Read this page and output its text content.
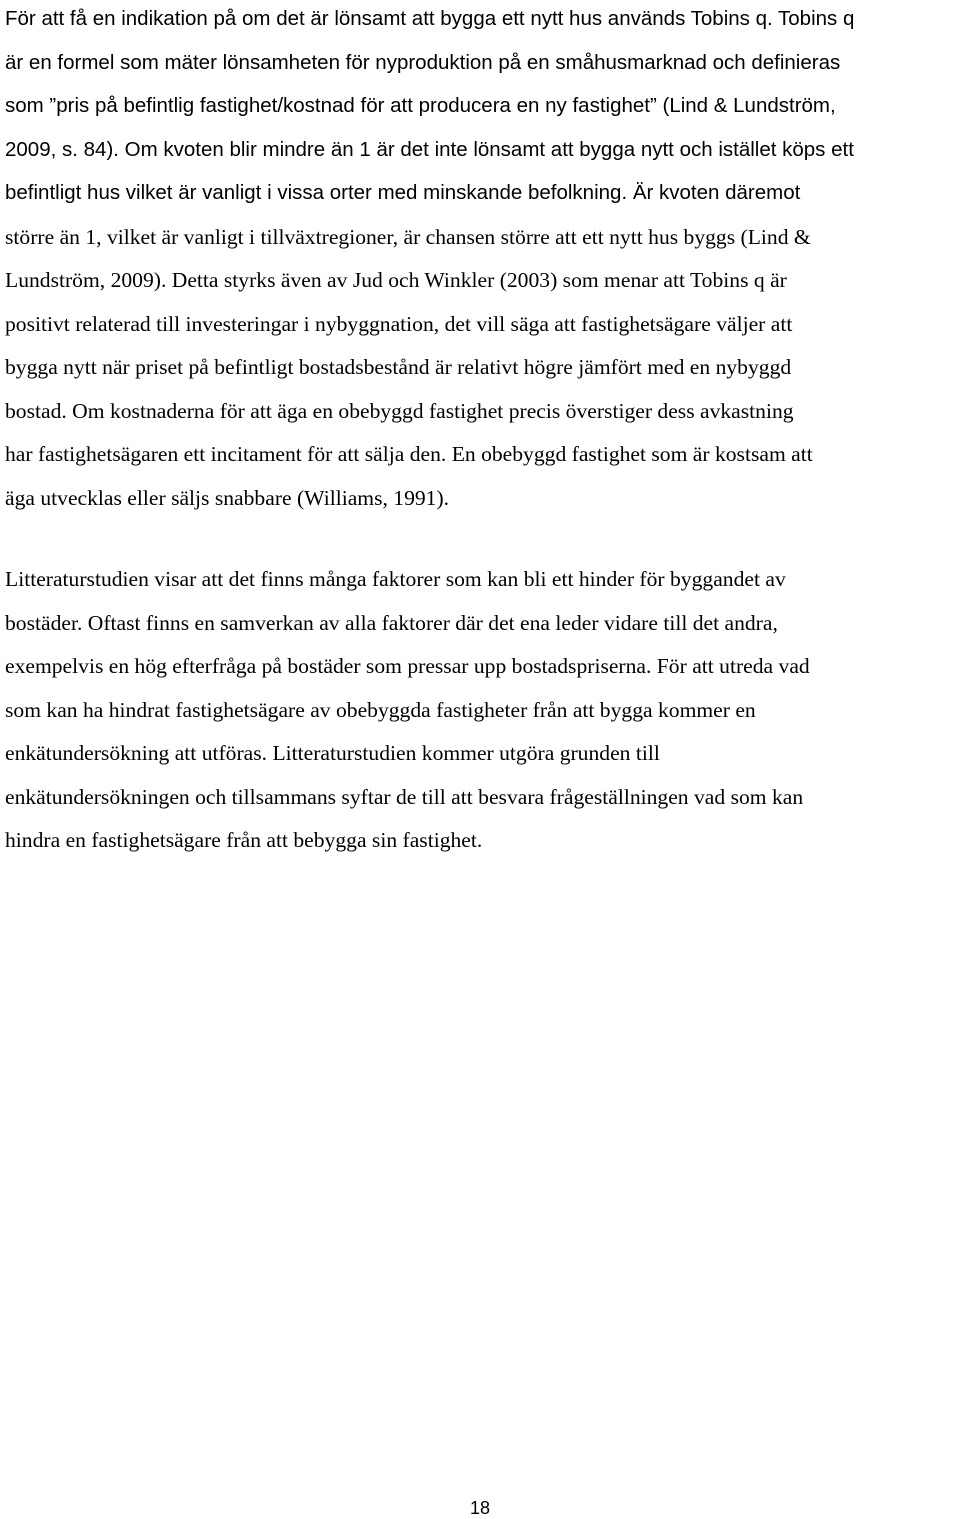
För att få en indikation på om det är lönsamt att bygga ett nytt hus används Tobins q. Tobins q
är en formel som mäter lönsamheten för nyproduktion på en småhusmarknad och definieras
som ”pris på befintlig fastighet/kostnad för att producera en ny fastighet” (Lind & Lundström,
2009, s. 84). Om kvoten blir mindre än 1 är det inte lönsamt att bygga nytt och istället köps ett
befintligt hus vilket är vanligt i vissa orter med minskande befolkning. Är kvoten däremot
större än 1, vilket är vanligt i tillväxtregioner, är chansen större att ett nytt hus byggs (Lind &
Lundström, 2009). Detta styrks även av Jud och Winkler (2003) som menar att Tobins q är
positivt relaterad till investeringar i nybyggnation, det vill säga att fastighetsägare väljer att
bygga nytt när priset på befintligt bostadsbestånd är relativt högre jämfört med en nybyggd
bostad. Om kostnaderna för att äga en obebyggd fastighet precis överstiger dess avkastning
har fastighetsägaren ett incitament för att sälja den. En obebyggd fastighet som är kostsam att
äga utvecklas eller säljs snabbare (Williams, 1991).
Litteraturstudien visar att det finns många faktorer som kan bli ett hinder för byggandet av
bostäder. Oftast finns en samverkan av alla faktorer där det ena leder vidare till det andra,
exempelvis en hög efterfråga på bostäder som pressar upp bostadspriserna. För att utreda vad
som kan ha hindrat fastighetsägare av obebyggda fastigheter från att bygga kommer en
enkätundersökning att utföras. Litteraturstudien kommer utgöra grunden till
enkätundersökningen och tillsammans syftar de till att besvara frågeställningen vad som kan
hindra en fastighetsägare från att bebygga sin fastighet.
18
